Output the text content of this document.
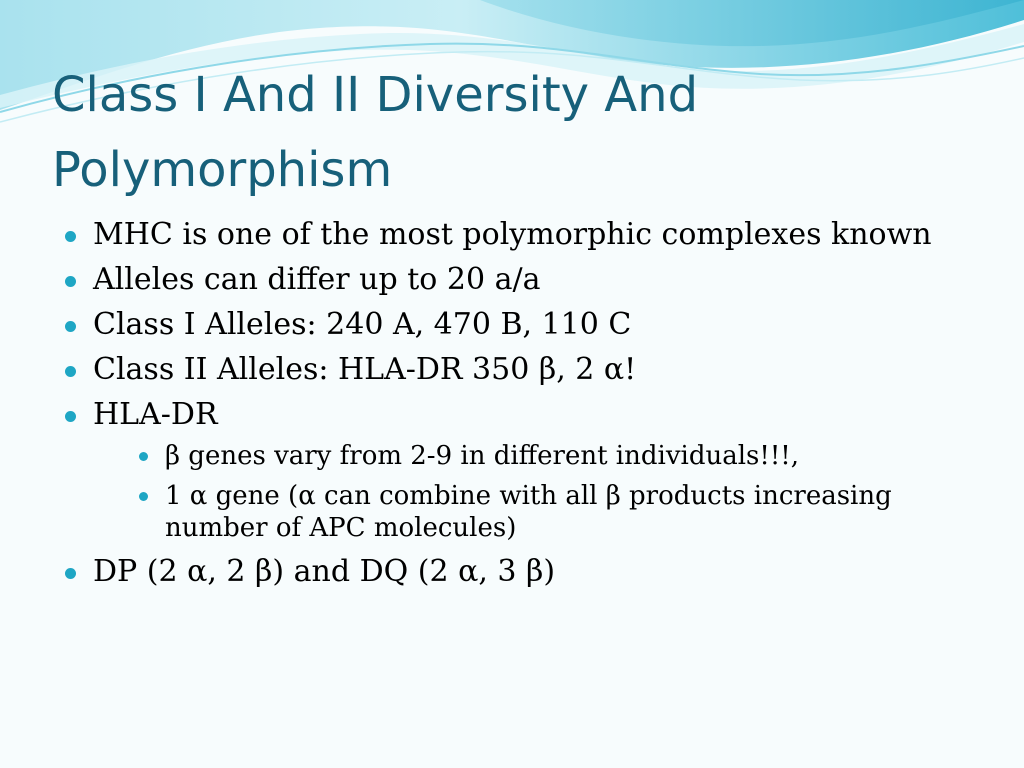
Class I And II Diversity And Polymorphism
MHC is one of the most polymorphic complexes known
Alleles can differ up to 20 a/a
Class I Alleles: 240 A, 470 B, 110 C
Class II Alleles: HLA-DR 350 β, 2 α!
HLA-DR
β genes vary from 2-9 in different individuals!!!,
1 α gene (α can combine with all β products increasing number of APC molecules)
DP (2 α, 2 β) and DQ (2 α, 3 β)
